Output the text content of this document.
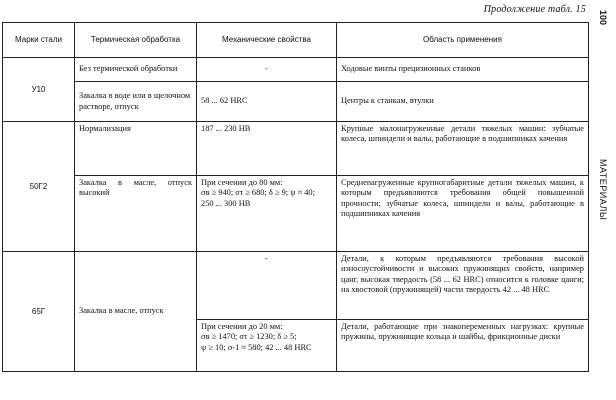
Продолжение табл. 15
100
МАТЕРИАЛЫ
Марки стали	Термическая обработка	Механические свойства	Область применения
У10	Без термической обработки	-	Ходовые винты прецизионных станков
	Закалка в воде или в щелочном растворе, отпуск	58 ... 62 HRC	Центры к станкам, втулки
50Г2	Нормализация	187 ... 230 HB	Крупные малонагруженные детали тяжелых машин: зубчатые колеса, шпиндели и валы, работающие в подшипниках качения
	Закалка в масле, отпуск высокий	При сечении до 80 мм:
σв ≥ 940; στ ≥ 680; δ ≥ 9; ψ ≈ 40;
250 ... 300 HB	Среднenагруженные крупногабаритные детали тяжелых машин, к которым предъявляются требования общей повышенной прочности; зубчатые колеса, шпиндели и валы, работающие в подшипниках качения
65Г	Закалка в масле, отпуск	-	Детали, к которым предъявляются требования высокой износоустойчивости и высоких пружинящих свойств, например цанг, высокая твердость (58 ... 62 HRC) относится к головке цанги; на хвостовой (пружинящей) части твердость 42 ... 48 HRC

		При сечении до 20 мм:
σв ≥ 1470; στ ≥ 1230; δ ≥ 5;
ψ ≥ 10; σ-1 ≈ 580; 42 ... 48 HRC	Детали, работающие при знакопеременных нагрузках: крупные пружины, пружинящие кольца и шайбы, фрикционные диски
